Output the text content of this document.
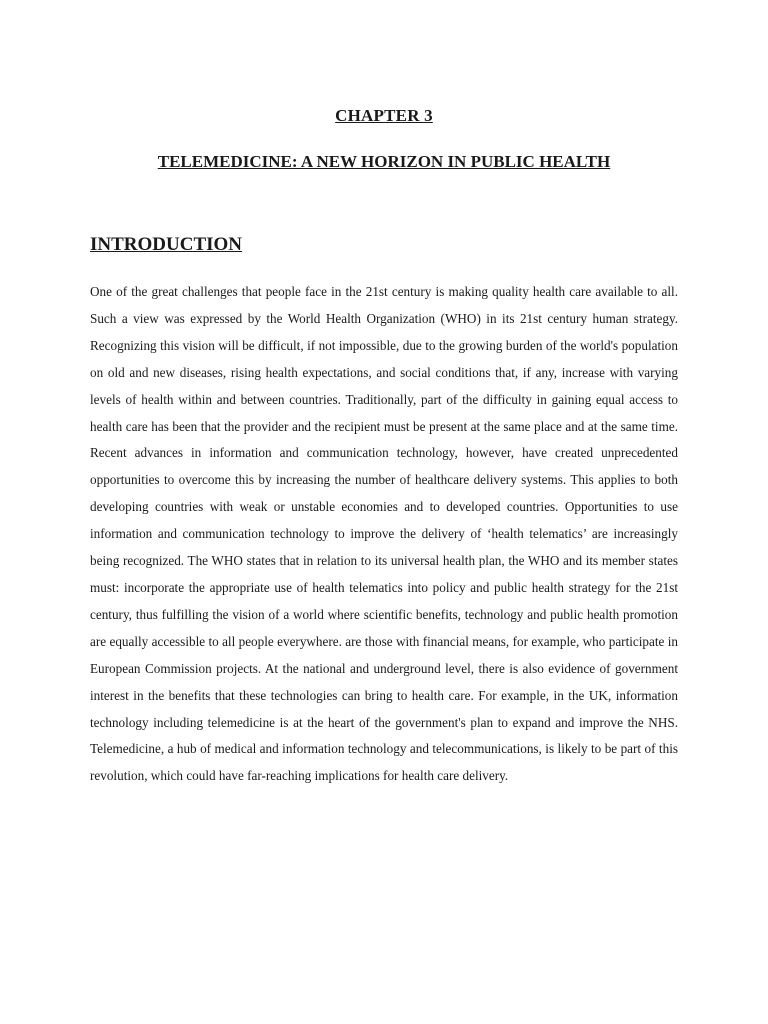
CHAPTER 3
TELEMEDICINE: A NEW HORIZON IN PUBLIC HEALTH
INTRODUCTION

One of the great challenges that people face in the 21st century is making quality health care available to all. Such a view was expressed by the World Health Organization (WHO) in its 21st century human strategy. Recognizing this vision will be difficult, if not impossible, due to the growing burden of the world's population on old and new diseases, rising health expectations, and social conditions that, if any, increase with varying levels of health within and between countries. Traditionally, part of the difficulty in gaining equal access to health care has been that the provider and the recipient must be present at the same place and at the same time. Recent advances in information and communication technology, however, have created unprecedented opportunities to overcome this by increasing the number of healthcare delivery systems. This applies to both developing countries with weak or unstable economies and to developed countries. Opportunities to use information and communication technology to improve the delivery of ‘health telematics’ are increasingly being recognized. The WHO states that in relation to its universal health plan, the WHO and its member states must: incorporate the appropriate use of health telematics into policy and public health strategy for the 21st century, thus fulfilling the vision of a world where scientific benefits, technology and public health promotion are equally accessible to all people everywhere. are those with financial means, for example, who participate in European Commission projects. At the national and underground level, there is also evidence of government interest in the benefits that these technologies can bring to health care. For example, in the UK, information technology including telemedicine is at the heart of the government's plan to expand and improve the NHS. Telemedicine, a hub of medical and information technology and telecommunications, is likely to be part of this revolution, which could have far-reaching implications for health care delivery.
